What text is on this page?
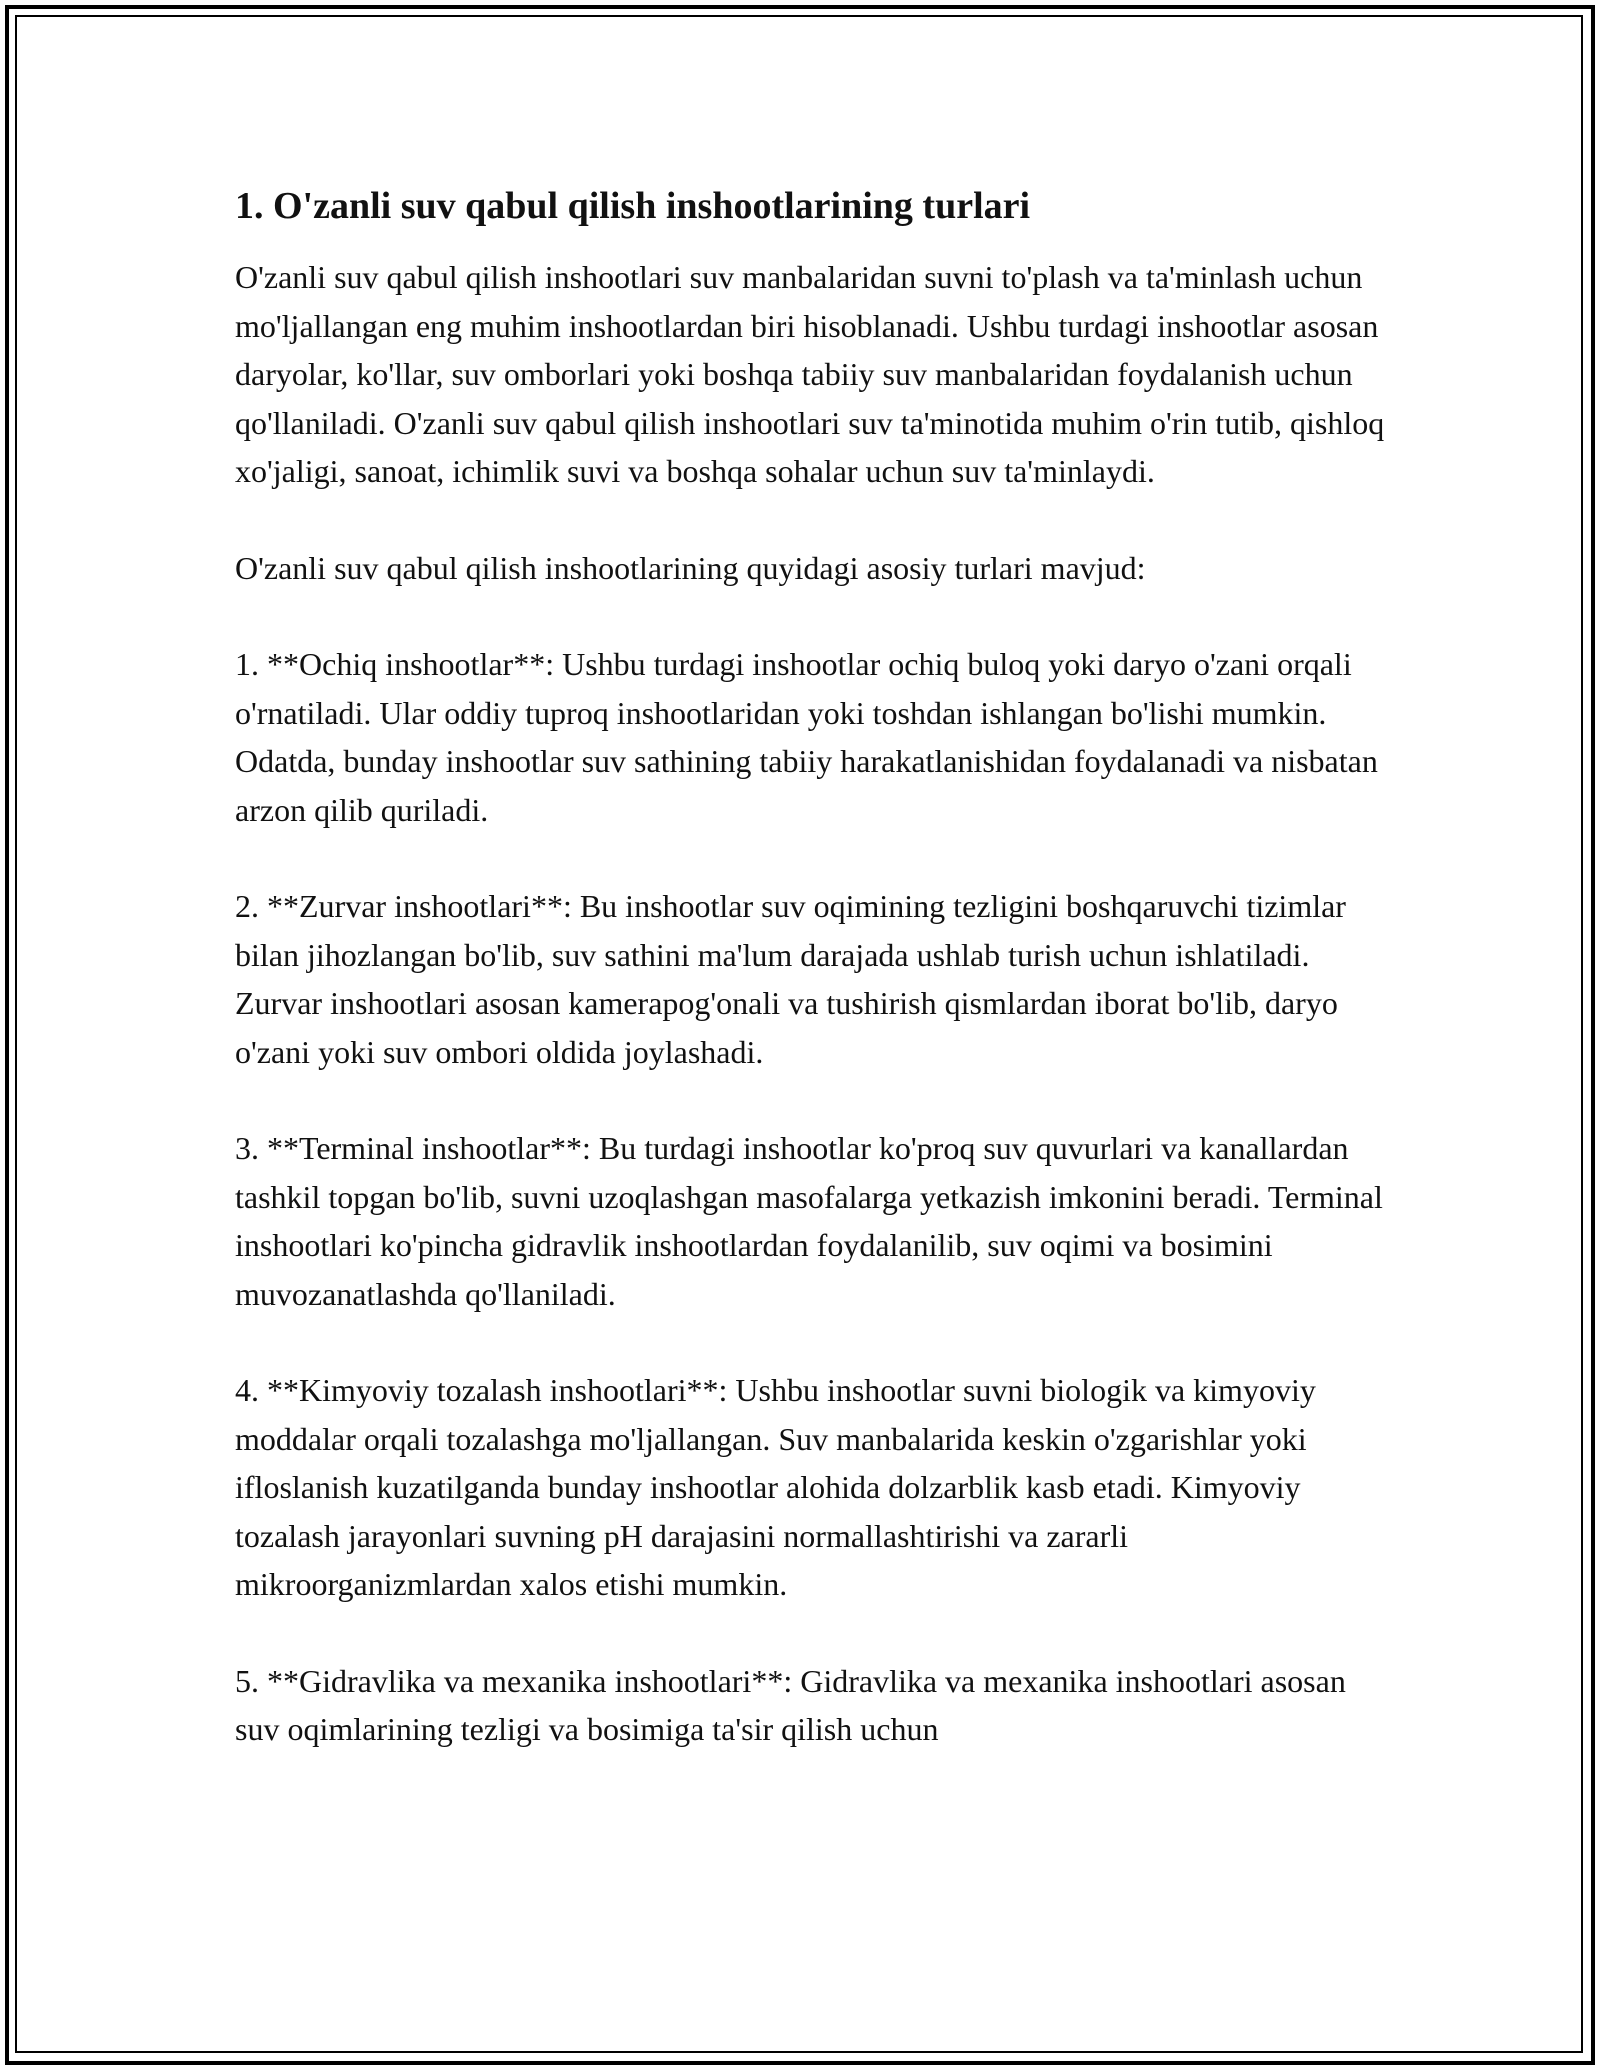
1. O'zanli suv qabul qilish inshootlarining turlari

O'zanli suv qabul qilish inshootlari suv manbalaridan suvni to'plash va ta'minlash uchun mo'ljallangan eng muhim inshootlardan biri hisoblanadi. Ushbu turdagi inshootlar asosan daryolar, ko'llar, suv omborlari yoki boshqa tabiiy suv manbalaridan foydalanish uchun qo'llaniladi. O'zanli suv qabul qilish inshootlari suv ta'minotida muhim o'rin tutib, qishloq xo'jaligi, sanoat, ichimlik suvi va boshqa sohalar uchun suv ta'minlaydi.

O'zanli suv qabul qilish inshootlarining quyidagi asosiy turlari mavjud:

1. **Ochiq inshootlar**: Ushbu turdagi inshootlar ochiq buloq yoki daryo o'zani orqali o'rnatiladi. Ular oddiy tuproq inshootlaridan yoki toshdan ishlangan bo'lishi mumkin. Odatda, bunday inshootlar suv sathining tabiiy harakatlanishidan foydalanadi va nisbatan arzon qilib quriladi.

2. **Zurvar inshootlari**: Bu inshootlar suv oqimining tezligini boshqaruvchi tizimlar bilan jihozlangan bo'lib, suv sathini ma'lum darajada ushlab turish uchun ishlatiladi. Zurvar inshootlari asosan kamerapog'onali va tushirish qismlardan iborat bo'lib, daryo o'zani yoki suv ombori oldida joylashadi.

3. **Terminal inshootlar**: Bu turdagi inshootlar ko'proq suv quvurlari va kanallardan tashkil topgan bo'lib, suvni uzoqlashgan masofalarga yetkazish imkonini beradi. Terminal inshootlari ko'pincha gidravlik inshootlardan foydalanilib, suv oqimi va bosimini muvozanatlashda qo'llaniladi.

4. **Kimyoviy tozalash inshootlari**: Ushbu inshootlar suvni biologik va kimyoviy moddalar orqali tozalashga mo'ljallangan. Suv manbalarida keskin o'zgarishlar yoki ifloslanish kuzatilganda bunday inshootlar alohida dolzarblik kasb etadi. Kimyoviy tozalash jarayonlari suvning pH darajasini normallashtirishi va zararli mikroorganizmlardan xalos etishi mumkin.

5. **Gidravlika va mexanika inshootlari**: Gidravlika va mexanika inshootlari asosan suv oqimlarining tezligi va bosimiga ta'sir qilish uchun
